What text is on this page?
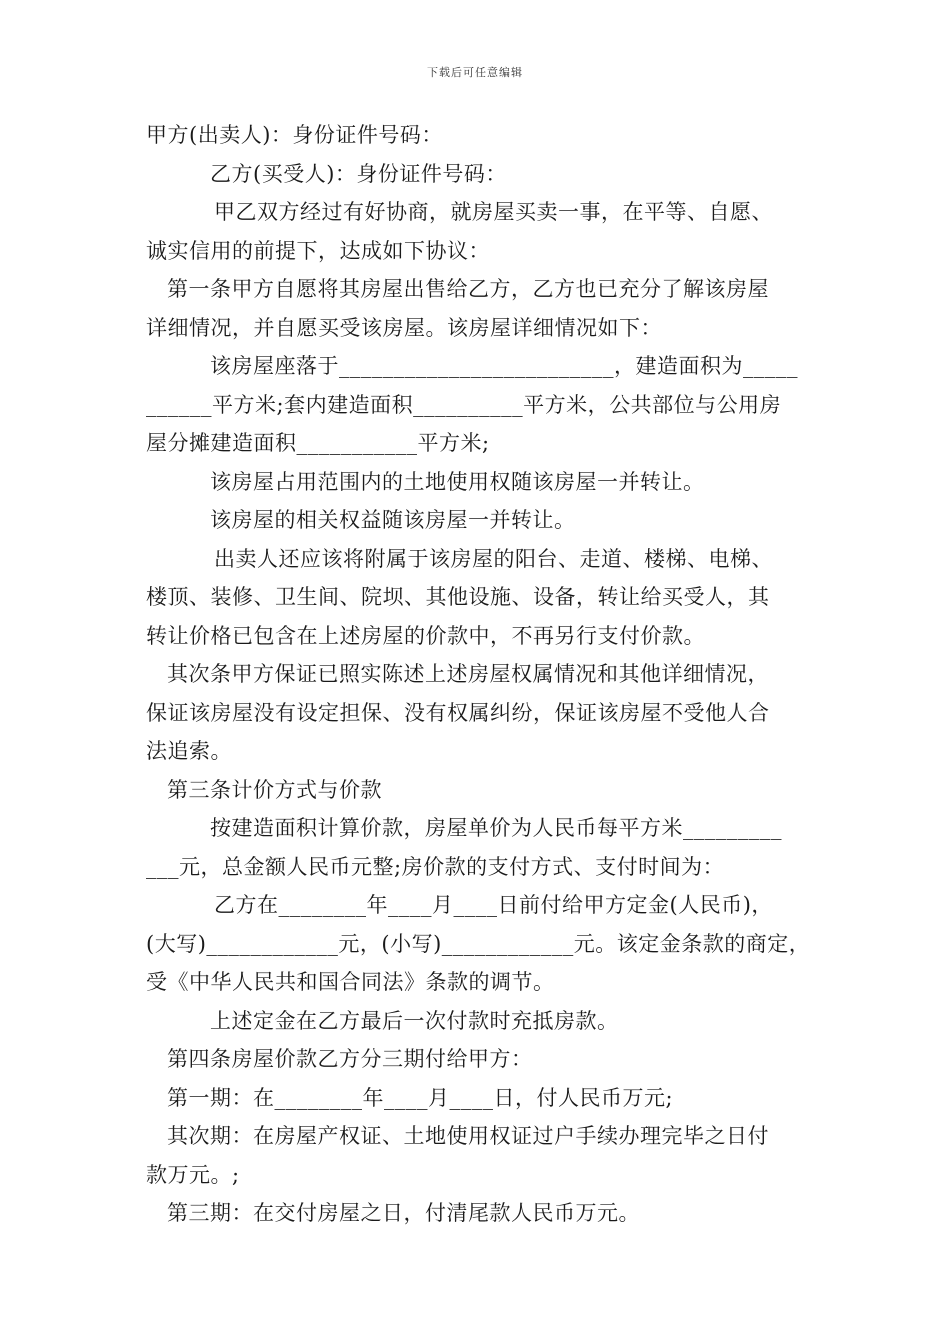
下载后可任意编辑
甲方(出卖人)：身份证件号码：
乙方(买受人)：身份证件号码：
甲乙双方经过有好协商，就房屋买卖一事，在平等、自愿、
诚实信用的前提下，达成如下协议：
第一条甲方自愿将其房屋出售给乙方，乙方也已充分了解该房屋
详细情况，并自愿买受该房屋。该房屋详细情况如下：
该房屋座落于_________________________，建造面积为_____
______平方米;套内建造面积__________平方米，公共部位与公用房
屋分摊建造面积___________平方米;
该房屋占用范围内的土地使用权随该房屋一并转让。
该房屋的相关权益随该房屋一并转让。
出卖人还应该将附属于该房屋的阳台、走道、楼梯、电梯、
楼顶、装修、卫生间、院坝、其他设施、设备，转让给买受人，其
转让价格已包含在上述房屋的价款中，不再另行支付价款。
其次条甲方保证已照实陈述上述房屋权属情况和其他详细情况，
保证该房屋没有设定担保、没有权属纠纷，保证该房屋不受他人合
法追索。
第三条计价方式与价款
按建造面积计算价款，房屋单价为人民币每平方米_________
___元，总金额人民币元整;房价款的支付方式、支付时间为：
乙方在________年____月____日前付给甲方定金(人民币)，
(大写)____________元，(小写)____________元。该定金条款的商定，
受《中华人民共和国合同法》条款的调节。
上述定金在乙方最后一次付款时充抵房款。
第四条房屋价款乙方分三期付给甲方：
第一期：在________年____月____日，付人民币万元;
其次期：在房屋产权证、土地使用权证过户手续办理完毕之日付
款万元。;
第三期：在交付房屋之日，付清尾款人民币万元。
